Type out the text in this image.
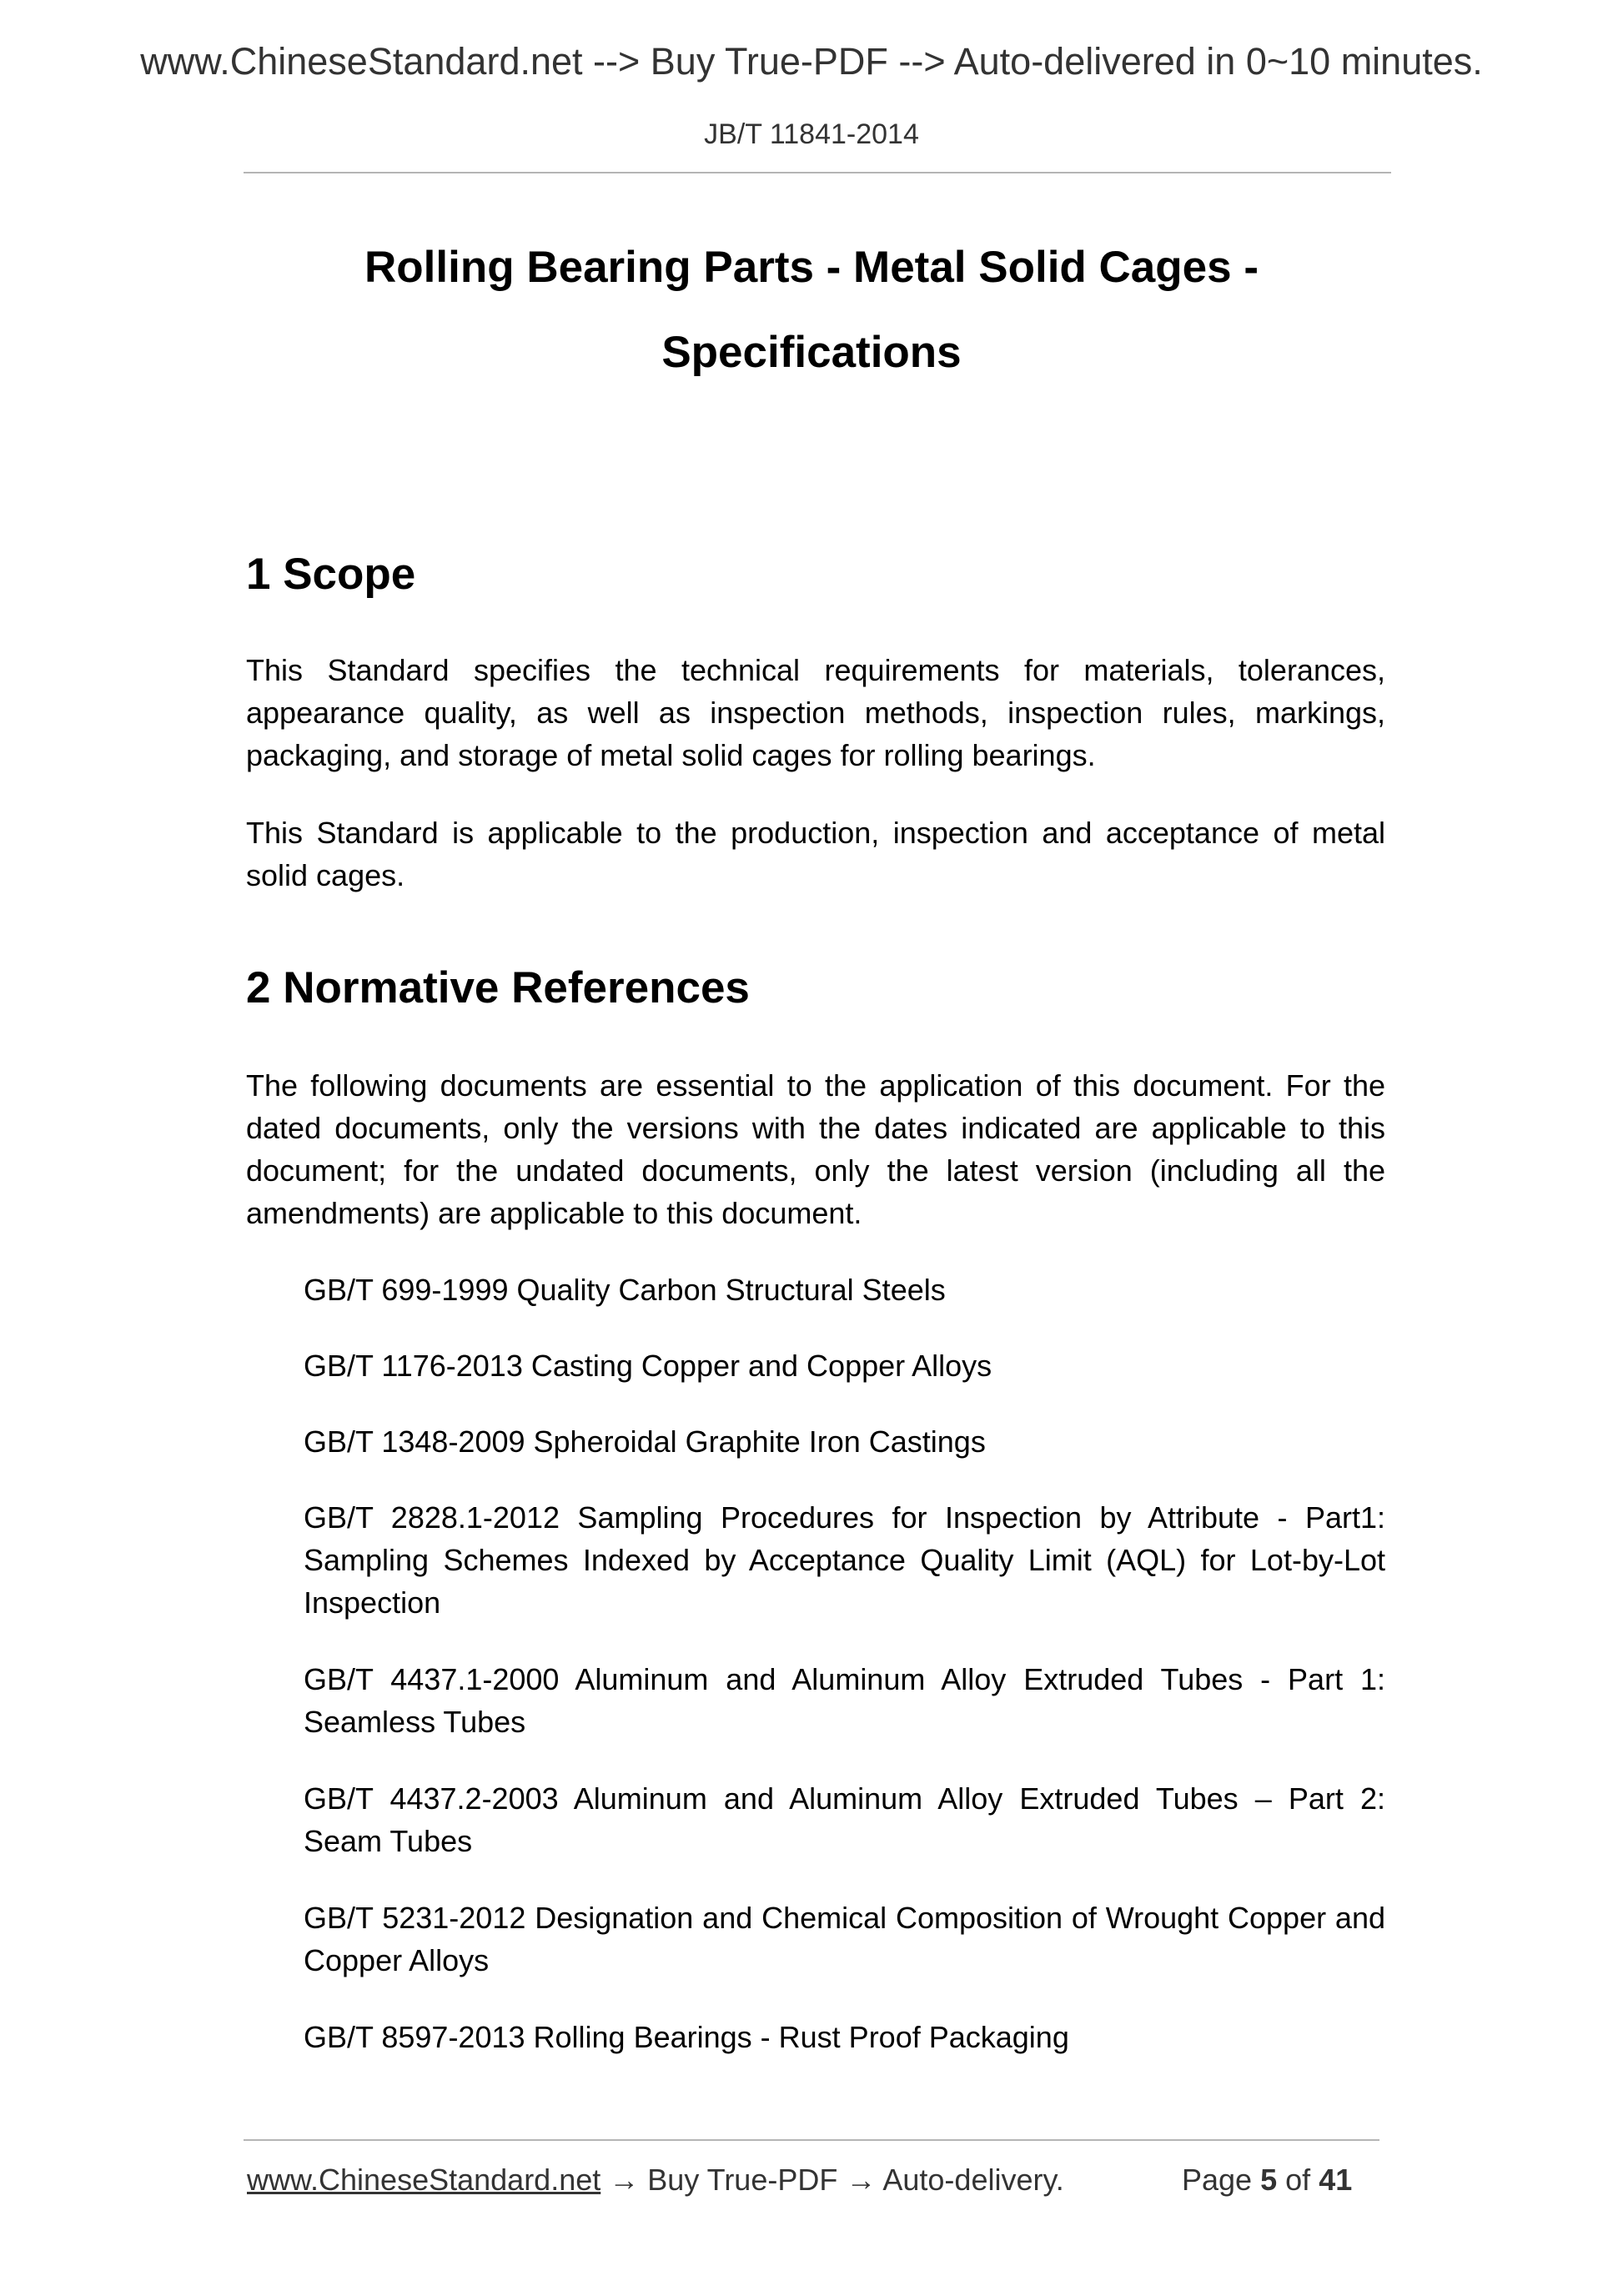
www.ChineseStandard.net --> Buy True-PDF --> Auto-delivered in 0~10 minutes.
JB/T 11841-2014
Rolling Bearing Parts - Metal Solid Cages -
Specifications
1 Scope

This Standard specifies the technical requirements for materials, tolerances, appearance quality, as well as inspection methods, inspection rules, markings, packaging, and storage of metal solid cages for rolling bearings.

This Standard is applicable to the production, inspection and acceptance of metal solid cages.

2 Normative References

The following documents are essential to the application of this document. For the dated documents, only the versions with the dates indicated are applicable to this document; for the undated documents, only the latest version (including all the amendments) are applicable to this document.

GB/T 699-1999 Quality Carbon Structural Steels

GB/T 1176-2013 Casting Copper and Copper Alloys

GB/T 1348-2009 Spheroidal Graphite Iron Castings

GB/T 2828.1-2012 Sampling Procedures for Inspection by Attribute - Part1: Sampling Schemes Indexed by Acceptance Quality Limit (AQL) for Lot-by-Lot Inspection

GB/T 4437.1-2000 Aluminum and Aluminum Alloy Extruded Tubes - Part 1: Seamless Tubes

GB/T 4437.2-2003 Aluminum and Aluminum Alloy Extruded Tubes – Part 2: Seam Tubes

GB/T 5231-2012 Designation and Chemical Composition of Wrought Copper and Copper Alloys

GB/T 8597-2013 Rolling Bearings - Rust Proof Packaging

www.ChineseStandard.net → Buy True-PDF → Auto-delivery.	Page 5 of 41
